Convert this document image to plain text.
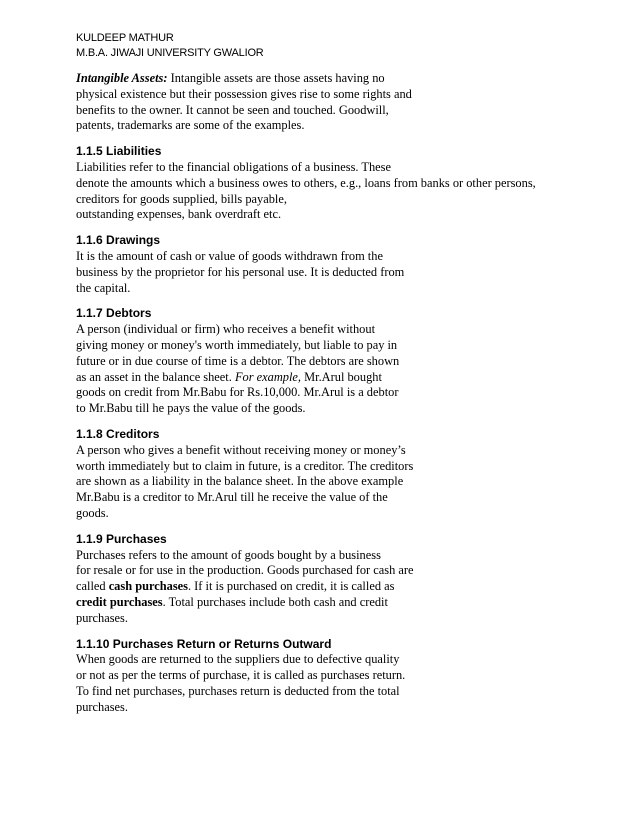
KULDEEP MATHUR
M.B.A. JIWAJI UNIVERSITY GWALIOR
Intangible Assets: Intangible assets are those assets having no
physical existence but their possession gives rise to some rights and
benefits to the owner. It cannot be seen and touched. Goodwill,
patents, trademarks are some of the examples.
1.1.5 Liabilities
Liabilities refer to the financial obligations of a business. These
denote the amounts which a business owes to others, e.g., loans from banks or other persons,
creditors for goods supplied, bills payable,
outstanding expenses, bank overdraft etc.
1.1.6 Drawings
It is the amount of cash or value of goods withdrawn from the
business by the proprietor for his personal use. It is deducted from
the capital.
1.1.7 Debtors
A person (individual or firm) who receives a benefit without
giving money or money's worth immediately, but liable to pay in
future or in due course of time is a debtor. The debtors are shown
as an asset in the balance sheet. For example, Mr.Arul bought
goods on credit from Mr.Babu for Rs.10,000. Mr.Arul is a debtor
to Mr.Babu till he pays the value of the goods.
1.1.8 Creditors
A person who gives a benefit without receiving money or money’s
worth immediately but to claim in future, is a creditor. The creditors
are shown as a liability in the balance sheet. In the above example
Mr.Babu is a creditor to Mr.Arul till he receive the value of the
goods.
1.1.9 Purchases
Purchases refers to the amount of goods bought by a business
for resale or for use in the production. Goods purchased for cash are
called cash purchases. If it is purchased on credit, it is called as
credit purchases. Total purchases include both cash and credit
purchases.
1.1.10 Purchases Return or Returns Outward
When goods are returned to the suppliers due to defective quality
or not as per the terms of purchase, it is called as purchases return.
To find net purchases, purchases return is deducted from the total
purchases.
